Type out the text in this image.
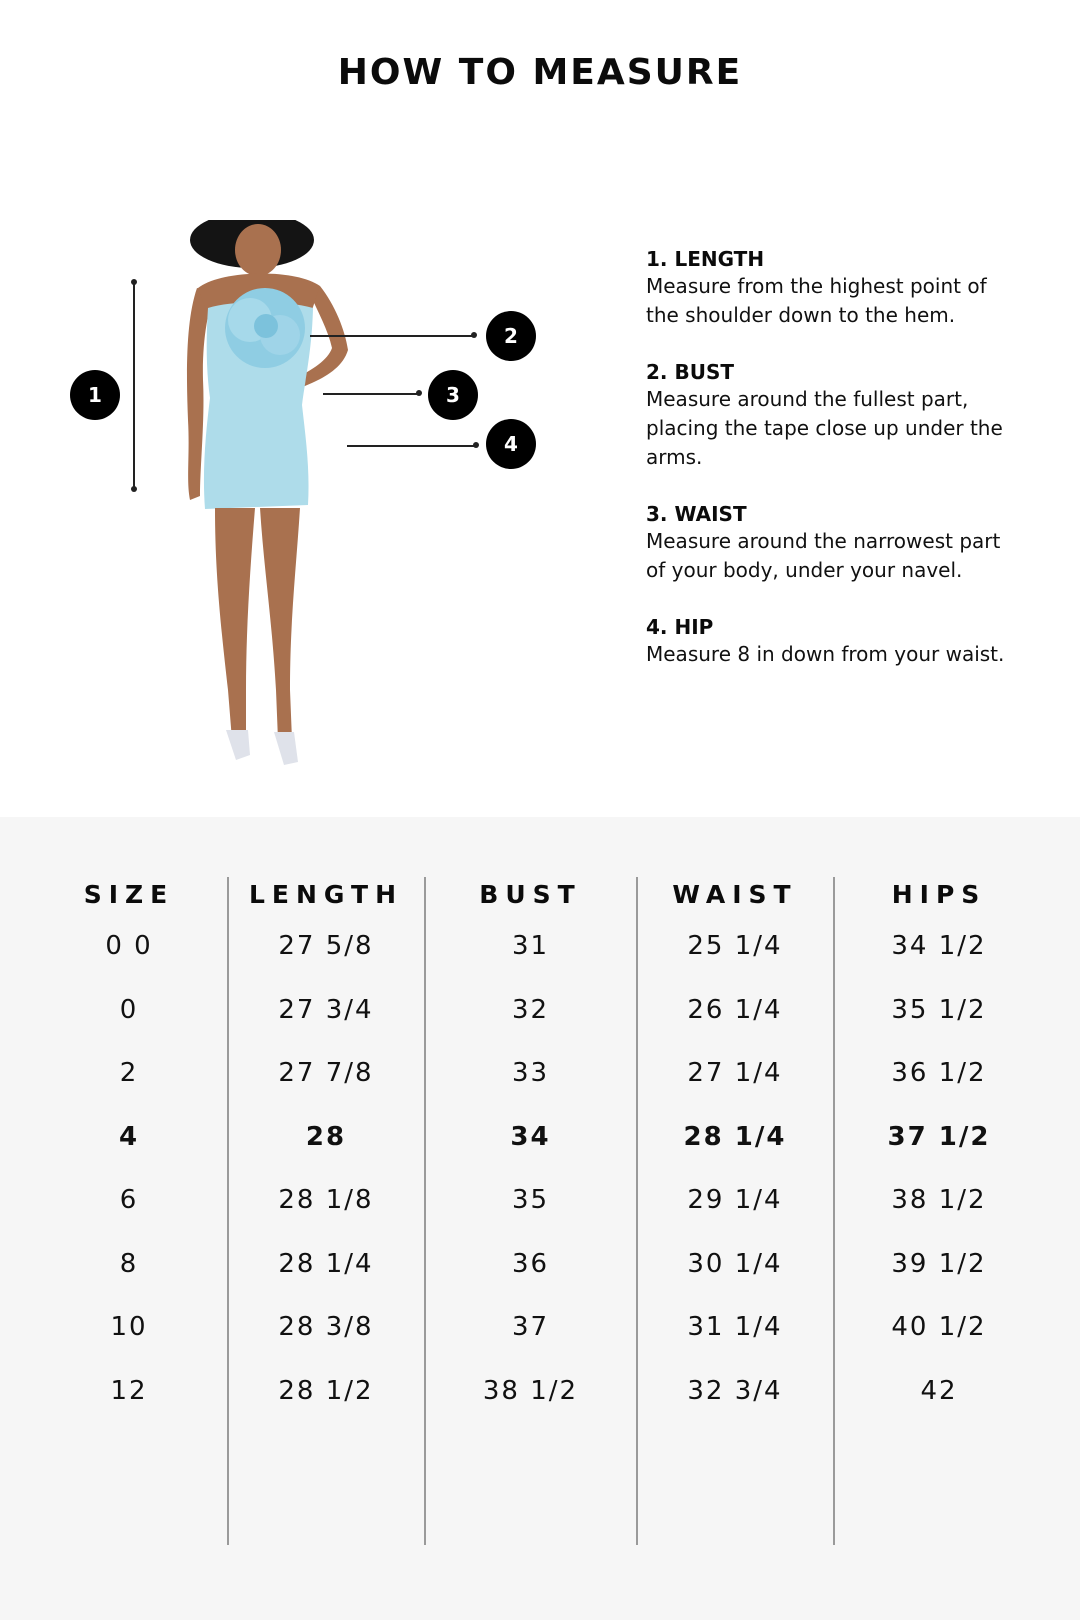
HOW TO MEASURE
1
2
3
4
1. LENGTH
Measure from the highest point of the shoulder down to the hem.
2. BUST
Measure around the fullest part, placing the tape close up under the arms.
3. WAIST
Measure around the narrowest part of your body, under your navel.
4. HIP
Measure 8 in down from your waist.
SIZE
0 0
0
2
4
6
8
10
12
LENGTH
27 5/8
27 3/4
27 7/8
28
28 1/8
28 1/4
28 3/8
28 1/2
BUST
31
32
33
34
35
36
37
38 1/2
WAIST
25 1/4
26 1/4
27 1/4
28 1/4
29 1/4
30 1/4
31 1/4
32 3/4
HIPS
34 1/2
35 1/2
36 1/2
37 1/2
38 1/2
39 1/2
40 1/2
42
